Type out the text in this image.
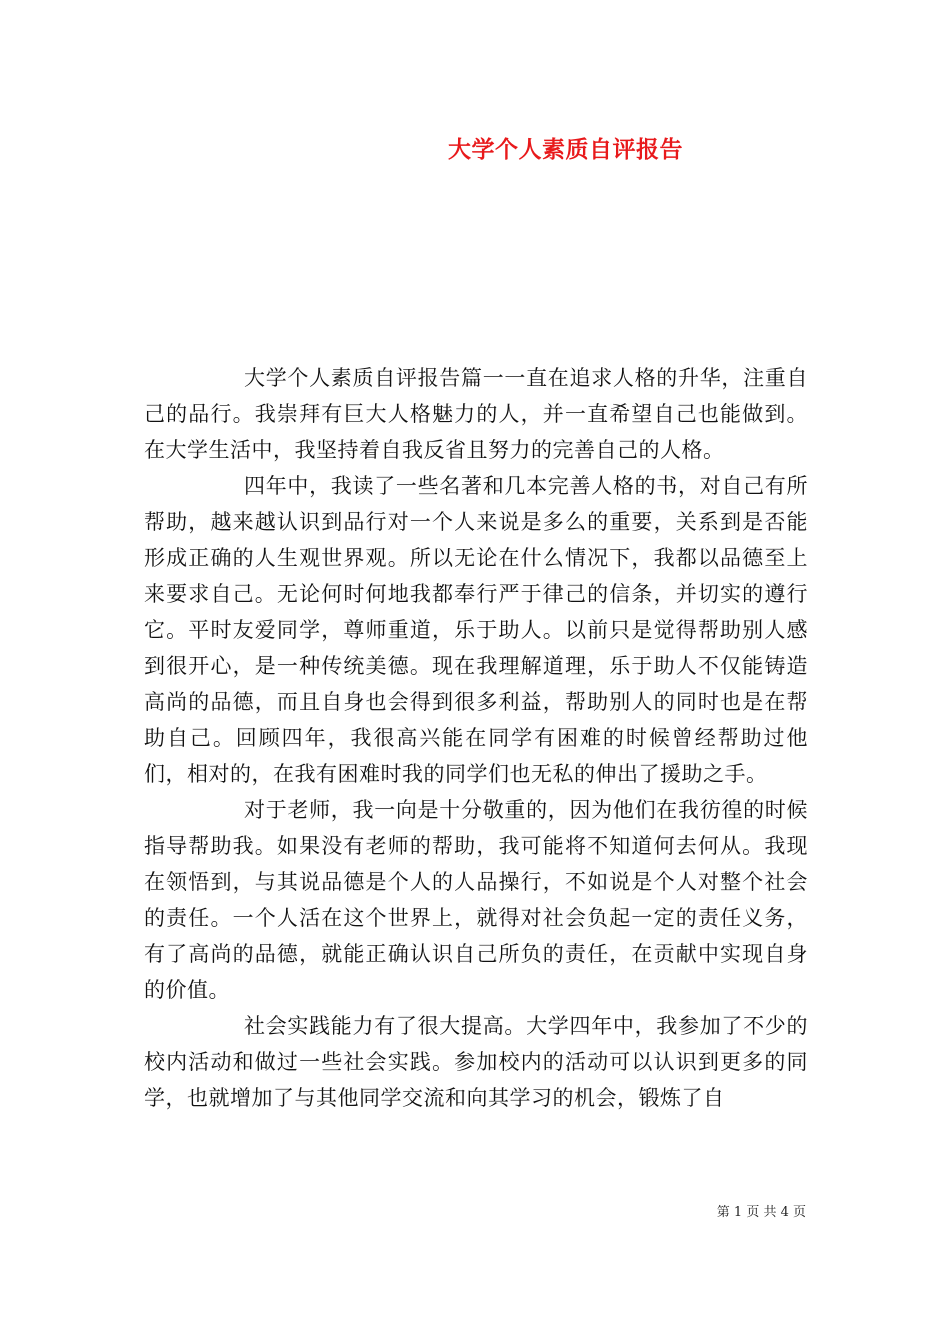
大学个人素质自评报告

大学个人素质自评报告篇一一直在追求人格的升华，注重自己的品行。我崇拜有巨大人格魅力的人，并一直希望自己也能做到。在大学生活中，我坚持着自我反省且努力的完善自己的人格。

四年中，我读了一些名著和几本完善人格的书，对自己有所帮助，越来越认识到品行对一个人来说是多么的重要，关系到是否能形成正确的人生观世界观。所以无论在什么情况下，我都以品德至上来要求自己。无论何时何地我都奉行严于律己的信条，并切实的遵行它。平时友爱同学，尊师重道，乐于助人。以前只是觉得帮助别人感到很开心，是一种传统美德。现在我理解道理，乐于助人不仅能铸造高尚的品德，而且自身也会得到很多利益，帮助别人的同时也是在帮助自己。回顾四年，我很高兴能在同学有困难的时候曾经帮助过他们，相对的，在我有困难时我的同学们也无私的伸出了援助之手。

对于老师，我一向是十分敬重的，因为他们在我彷徨的时候指导帮助我。如果没有老师的帮助，我可能将不知道何去何从。我现在领悟到，与其说品德是个人的人品操行，不如说是个人对整个社会的责任。一个人活在这个世界上，就得对社会负起一定的责任义务，有了高尚的品德，就能正确认识自己所负的责任，在贡献中实现自身的价值。

社会实践能力有了很大提高。大学四年中，我参加了不少的校内活动和做过一些社会实践。参加校内的活动可以认识到更多的同学，也就增加了与其他同学交流和向其学习的机会，锻炼了自

第 1 页 共 4 页
